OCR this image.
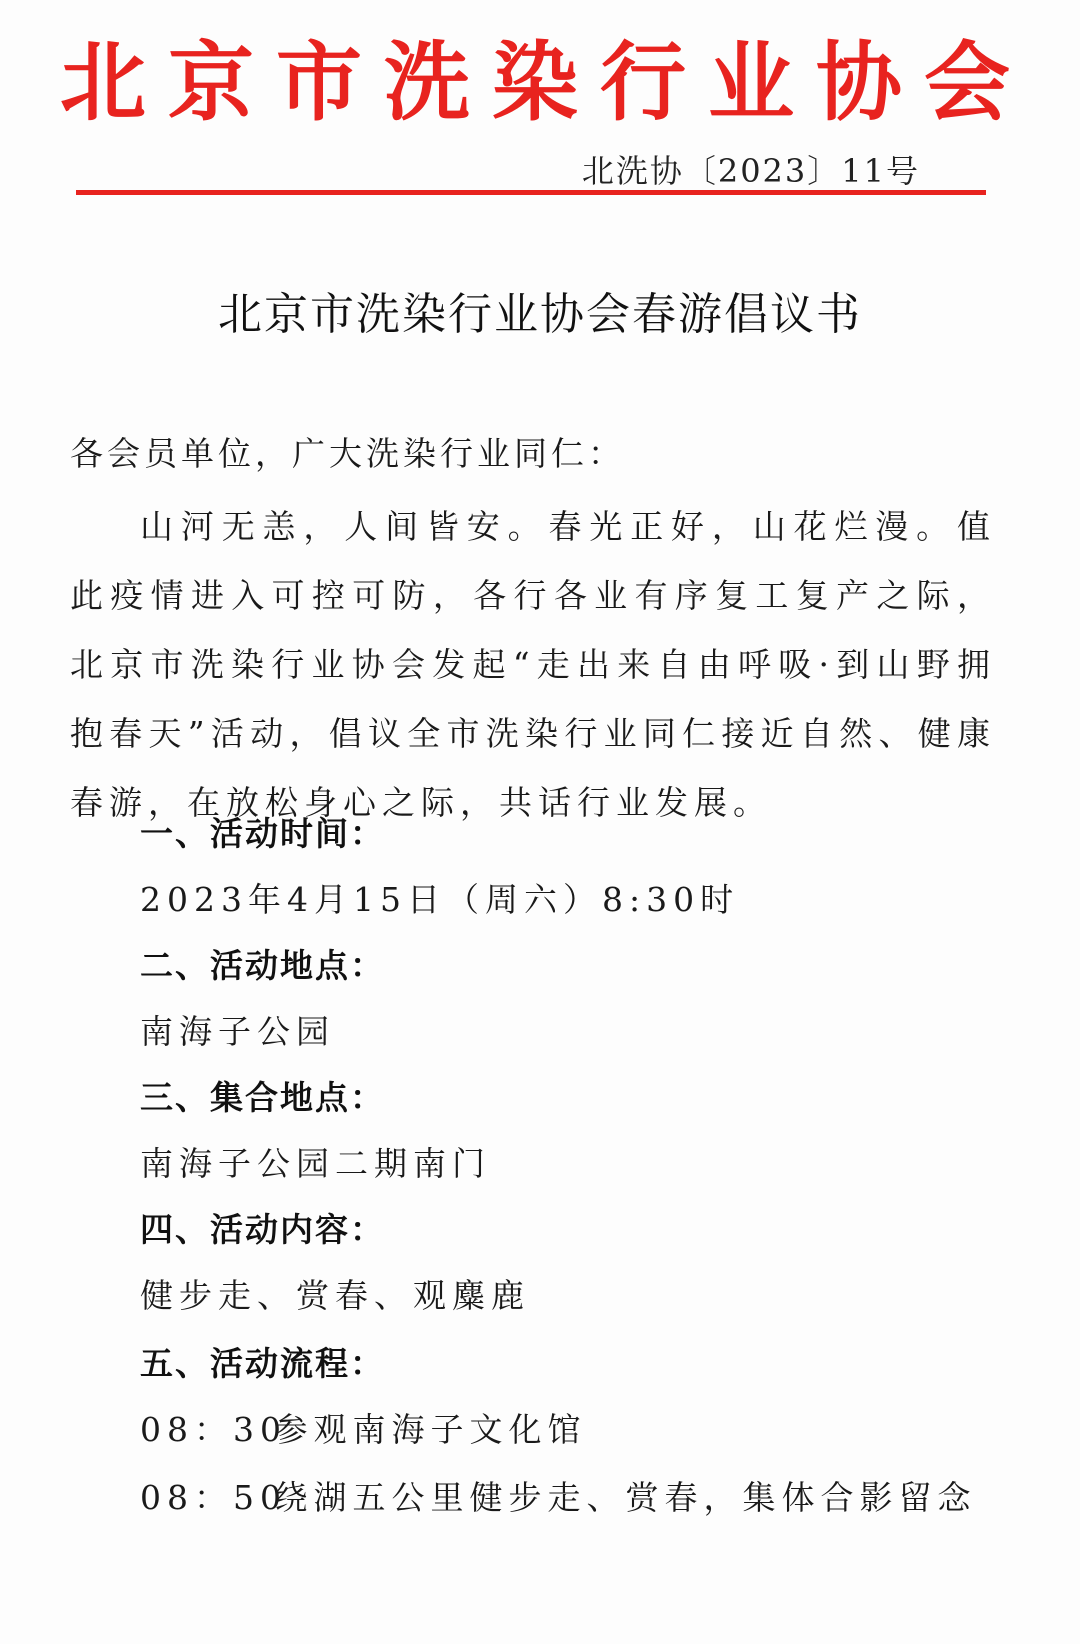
北京市洗染行业协会
北洗协〔2023〕11号
北京市洗染行业协会春游倡议书
各会员单位，广大洗染行业同仁：
山河无恙，人间皆安。春光正好，山花烂漫。值此疫情进入可控可防，各行各业有序复工复产之际，北京市洗染行业协会发起“走出来自由呼吸·到山野拥抱春天”活动，倡议全市洗染行业同仁接近自然、健康春游，在放松身心之际，共话行业发展。
一、活动时间：
2023年4月15日（周六）8:30时
二、活动地点：
南海子公园
三、集合地点：
南海子公园二期南门
四、活动内容：
健步走、赏春、观麋鹿
五、活动流程：
08：30 参观南海子文化馆
08：50 绕湖五公里健步走、赏春，集体合影留念
